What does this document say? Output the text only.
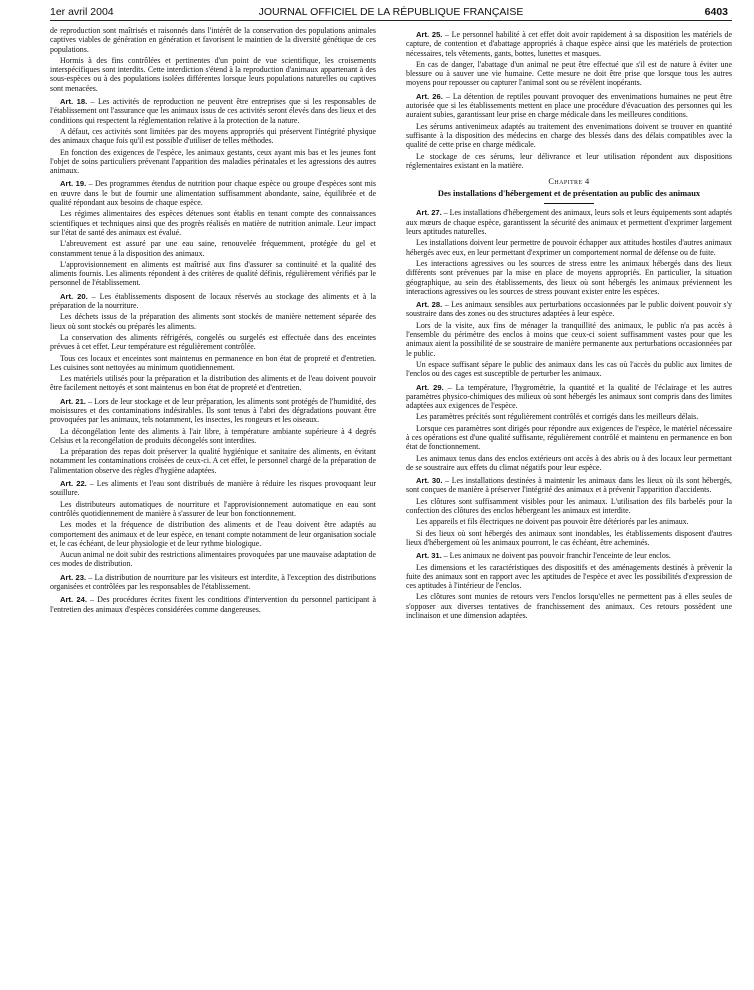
1er avril 2004	JOURNAL OFFICIEL DE LA RÉPUBLIQUE FRANÇAISE	6403

de reproduction sont maîtrisés et raisonnés dans l'intérêt de la conservation des populations animales captives viables de génération en génération et favorisent le maintien de la diversité génétique de ces populations.

Hormis à des fins contrôlées et pertinentes d'un point de vue scientifique, les croisements interspécifiques sont interdits. Cette interdiction s'étend à la reproduction d'animaux appartenant à des sous-espèces ou à des populations isolées différentes lorsque leurs populations naturelles ou captives sont menacées.

Art. 18. – Les activités de reproduction ne peuvent être entreprises que si les responsables de l'établissement ont l'assurance que les animaux issus de ces activités seront élevés dans des lieux et des conditions qui respectent la réglementation relative à la protection de la nature.

A défaut, ces activités sont limitées par des moyens appropriés qui préservent l'intégrité physique des animaux chaque fois qu'il est possible d'utiliser de telles méthodes.

En fonction des exigences de l'espèce, les animaux gestants, ceux ayant mis bas et les jeunes font l'objet de soins particuliers prévenant l'apparition des maladies périnatales et les agressions des autres animaux.

Art. 19. – Des programmes étendus de nutrition pour chaque espèce ou groupe d'espèces sont mis en œuvre dans le but de fournir une alimentation suffisamment abondante, saine, équilibrée et de qualité répondant aux besoins de chaque espèce.

Les régimes alimentaires des espèces détenues sont établis en tenant compte des connaissances scientifiques et techniques ainsi que des progrès réalisés en matière de nutrition animale. Leur impact sur l'état de santé des animaux est évalué.

L'abreuvement est assuré par une eau saine, renouvelée fréquemment, protégée du gel et constamment tenue à la disposition des animaux.

L'approvisionnement en aliments est maîtrisé aux fins d'assurer sa continuité et la qualité des aliments fournis. Les aliments répondent à des critères de qualité définis, régulièrement vérifiés par le personnel de l'établissement.

Art. 20. – Les établissements disposent de locaux réservés au stockage des aliments et à la préparation de la nourriture.

Les déchets issus de la préparation des aliments sont stockés de manière nettement séparée des lieux où sont stockés ou préparés les aliments.

La conservation des aliments réfrigérés, congelés ou surgelés est effectuée dans des enceintes prévues à cet effet. Leur température est régulièrement contrôlée.

Tous ces locaux et enceintes sont maintenus en permanence en bon état de propreté et d'entretien. Les cuisines sont nettoyées au minimum quotidiennement.

Les matériels utilisés pour la préparation et la distribution des aliments et de l'eau doivent pouvoir être facilement nettoyés et sont maintenus en bon état de propreté et d'entretien.

Art. 21. – Lors de leur stockage et de leur préparation, les aliments sont protégés de l'humidité, des moisissures et des contaminations indésirables. Ils sont tenus à l'abri des dégradations pouvant être provoquées par les animaux, tels notamment, les insectes, les rongeurs et les oiseaux.

La décongélation lente des aliments à l'air libre, à température ambiante supérieure à 4 degrés Celsius et la recongélation de produits décongelés sont interdites.

La préparation des repas doit préserver la qualité hygiénique et sanitaire des aliments, en évitant notamment les contaminations croisées de ceux-ci. A cet effet, le personnel chargé de la préparation de l'alimentation observe des règles d'hygiène adaptées.

Art. 22. – Les aliments et l'eau sont distribués de manière à réduire les risques provoquant leur souillure.

Les distributeurs automatiques de nourriture et l'approvisionnement automatique en eau sont contrôlés quotidiennement de manière à s'assurer de leur bon fonctionnement.

Les modes et la fréquence de distribution des aliments et de l'eau doivent être adaptés au comportement des animaux et de leur espèce, en tenant compte notamment de leur organisation sociale et, le cas échéant, de leur physiologie et de leur rythme biologique.

Aucun animal ne doit subir des restrictions alimentaires provoquées par une mauvaise adaptation de ces modes de distribution.

Art. 23. – La distribution de nourriture par les visiteurs est interdite, à l'exception des distributions organisées et contrôlées par les responsables de l'établissement.

Art. 24. – Des procédures écrites fixent les conditions d'intervention du personnel participant à l'entretien des animaux d'espèces considérées comme dangereuses.

Art. 25. – Le personnel habilité à cet effet doit avoir rapidement à sa disposition les matériels de capture, de contention et d'abattage appropriés à chaque espèce ainsi que les matériels de protection nécessaires, tels vêtements, gants, bottes, lunettes et masques.

En cas de danger, l'abattage d'un animal ne peut être effectué que s'il est de nature à éviter une blessure ou à sauver une vie humaine. Cette mesure ne doit être prise que lorsque tous les autres moyens pour repousser ou capturer l'animal sont ou se révèlent inopérants.

Art. 26. – La détention de reptiles pouvant provoquer des envenimations humaines ne peut être autorisée que si les établissements mettent en place une procédure d'évacuation des personnes qui les auraient subies, garantissant leur prise en charge médicale dans les meilleures conditions.

Les sérums antivenimeux adaptés au traitement des envenimations doivent se trouver en quantité suffisante à la disposition des médecins en charge des blessés dans des délais compatibles avec la qualité de cette prise en charge médicale.

Le stockage de ces sérums, leur délivrance et leur utilisation répondent aux dispositions réglementaires existant en la matière.

Chapitre 4
Des installations d'hébergement et de présentation au public des animaux

Art. 27. – Les installations d'hébergement des animaux, leurs sols et leurs équipements sont adaptés aux mœurs de chaque espèce, garantissent la sécurité des animaux et permettent d'exprimer largement leurs aptitudes naturelles.

Les installations doivent leur permettre de pouvoir échapper aux attitudes hostiles d'autres animaux hébergés avec eux, en leur permettant d'exprimer un comportement normal de défense ou de fuite.

Les interactions agressives ou les sources de stress entre les animaux hébergés dans des lieux différents sont prévenues par la mise en place de moyens appropriés. En particulier, la situation géographique, au sein des établissements, des lieux où sont hébergés les animaux préviennent les interactions agressives ou les sources de stress pouvant exister entre les espèces.

Art. 28. – Les animaux sensibles aux perturbations occasionnées par le public doivent pouvoir s'y soustraire dans des zones ou des structures adaptées à leur espèce.

Lors de la visite, aux fins de ménager la tranquillité des animaux, le public n'a pas accès à l'ensemble du périmètre des enclos à moins que ceux-ci soient suffisamment vastes pour que les animaux aient la possibilité de se soustraire de manière permanente aux perturbations occasionnées par le public.

Un espace suffisant sépare le public des animaux dans les cas où l'accès du public aux limites de l'enclos ou des cages est susceptible de perturber les animaux.

Art. 29. – La température, l'hygrométrie, la quantité et la qualité de l'éclairage et les autres paramètres physico-chimiques des milieux où sont hébergés les animaux sont compris dans des limites adaptées aux exigences de l'espèce.

Les paramètres précités sont régulièrement contrôlés et corrigés dans les meilleurs délais.

Lorsque ces paramètres sont dirigés pour répondre aux exigences de l'espèce, le matériel nécessaire à ces opérations est d'une qualité suffisante, régulièrement contrôlé et maintenu en permanence en bon état de fonctionnement.

Les animaux tenus dans des enclos extérieurs ont accès à des abris ou à des locaux leur permettant de se soustraire aux effets du climat négatifs pour leur espèce.

Art. 30. – Les installations destinées à maintenir les animaux dans les lieux où ils sont hébergés, sont conçues de manière à préserver l'intégrité des animaux et à prévenir l'apparition d'accidents.

Les clôtures sont suffisamment visibles pour les animaux. L'utilisation des fils barbelés pour la confection des clôtures des enclos hébergeant les animaux est interdite.

Les appareils et fils électriques ne doivent pas pouvoir être détériorés par les animaux.

Si des lieux où sont hébergés des animaux sont inondables, les établissements disposent d'autres lieux d'hébergement où les animaux pourront, le cas échéant, être acheminés.

Art. 31. – Les animaux ne doivent pas pouvoir franchir l'enceinte de leur enclos.

Les dimensions et les caractéristiques des dispositifs et des aménagements destinés à prévenir la fuite des animaux sont en rapport avec les aptitudes de l'espèce et avec les possibilités d'expression de ces aptitudes à l'intérieur de l'enclos.

Les clôtures sont munies de retours vers l'enclos lorsqu'elles ne permettent pas à elles seules de s'opposer aux diverses tentatives de franchissement des animaux. Ces retours possèdent une inclinaison et une dimension adaptées.
